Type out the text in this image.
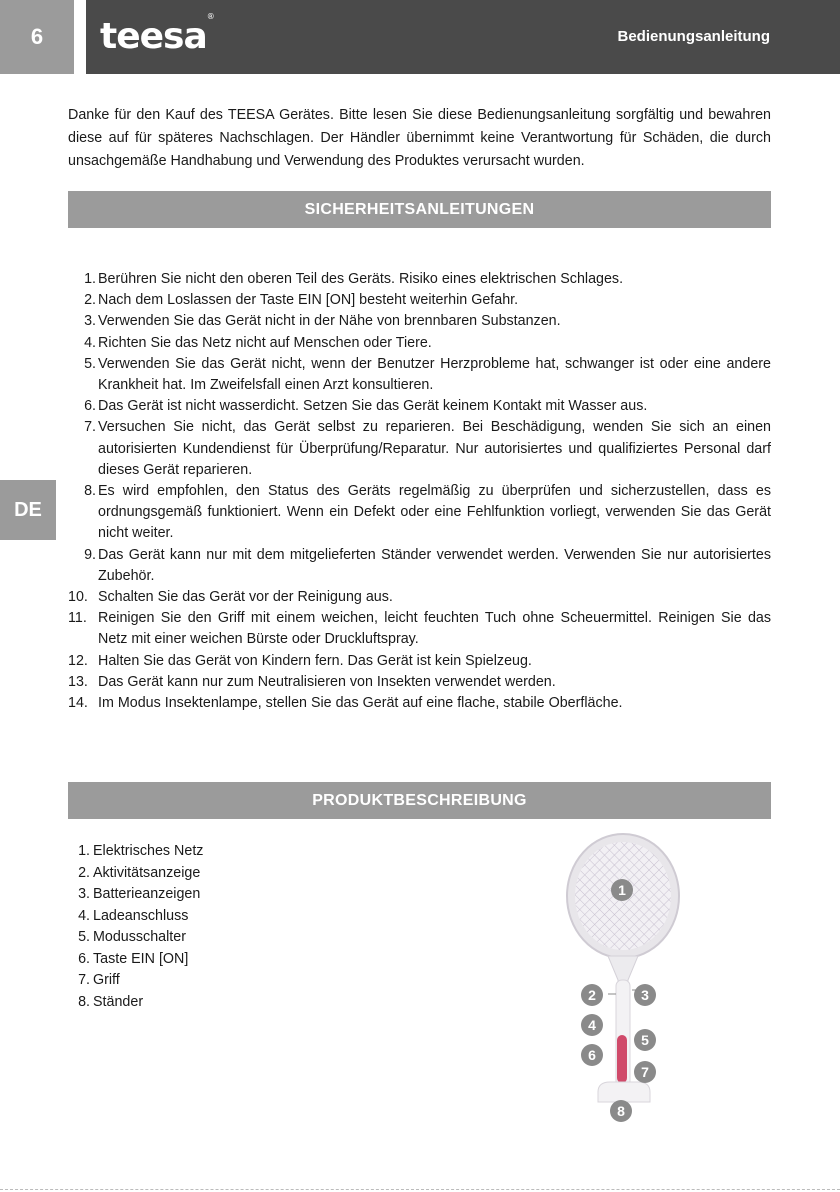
6	teesa®
Bedienungsanleitung
DE
Danke für den Kauf des TEESA Gerätes. Bitte lesen Sie diese Bedienungsanleitung sorgfältig und bewahren diese auf für späteres Nachschlagen. Der Händler übernimmt keine Verantwortung für Schäden, die durch unsachgemäße Handhabung und Verwendung des Produktes verursacht wurden.
SICHERHEITSANLEITUNGEN
1. Berühren Sie nicht den oberen Teil des Geräts. Risiko eines elektrischen Schlages.
2. Nach dem Loslassen der Taste EIN [ON] besteht weiterhin Gefahr.
3. Verwenden Sie das Gerät nicht in der Nähe von brennbaren Substanzen.
4. Richten Sie das Netz nicht auf Menschen oder Tiere.
5. Verwenden Sie das Gerät nicht, wenn der Benutzer Herzprobleme hat, schwanger ist oder eine andere Krankheit hat. Im Zweifelsfall einen Arzt konsultieren.
6. Das Gerät ist nicht wasserdicht. Setzen Sie das Gerät keinem Kontakt mit Wasser aus.
7. Versuchen Sie nicht, das Gerät selbst zu reparieren. Bei Beschädigung, wenden Sie sich an einen autorisierten Kundendienst für Überprüfung/Reparatur. Nur autorisiertes und qualifiziertes Personal darf dieses Gerät reparieren.
8. Es wird empfohlen, den Status des Geräts regelmäßig zu überprüfen und sicherzustellen, dass es ordnungsgemäß funktioniert. Wenn ein Defekt oder eine Fehlfunktion vorliegt, verwenden Sie das Gerät nicht weiter.
9. Das Gerät kann nur mit dem mitgelieferten Ständer verwendet werden. Verwenden Sie nur autorisiertes Zubehör.
10. Schalten Sie das Gerät vor der Reinigung aus.
11. Reinigen Sie den Griff mit einem weichen, leicht feuchten Tuch ohne Scheuermittel. Reinigen Sie das Netz mit einer weichen Bürste oder Druckluftspray.
12. Halten Sie das Gerät von Kindern fern. Das Gerät ist kein Spielzeug.
13. Das Gerät kann nur zum Neutralisieren von Insekten verwendet werden.
14. Im Modus Insektenlampe, stellen Sie das Gerät auf eine flache, stabile Oberfläche.
PRODUKTBESCHREIBUNG
1. Elektrisches Netz
2. Aktivitätsanzeige
3. Batterieanzeigen
4. Ladeanschluss
5. Modusschalter
6. Taste EIN [ON]
7. Griff
8. Ständer
1
2	3
4
5
6
7
8
